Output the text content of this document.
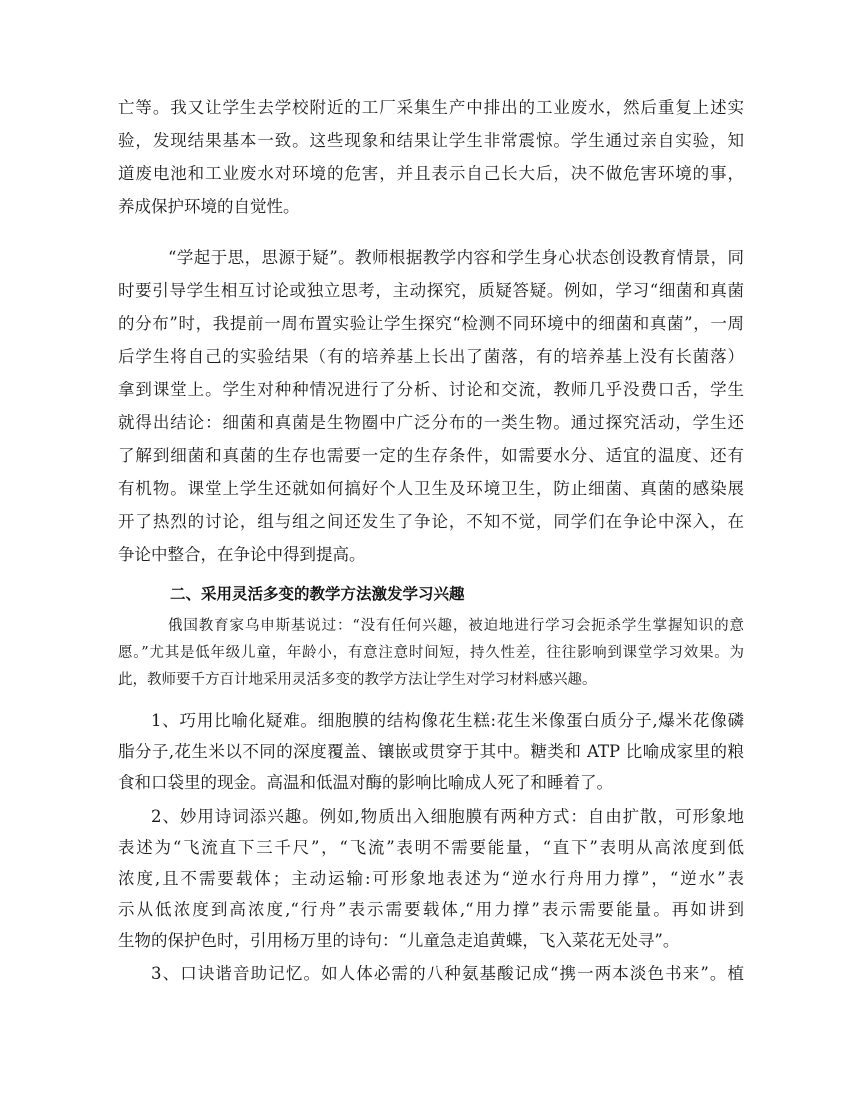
亡等。我又让学生去学校附近的工厂采集生产中排出的工业废水，然后重复上述实
验，发现结果基本一致。这些现象和结果让学生非常震惊。学生通过亲自实验，知
道废电池和工业废水对环境的危害，并且表示自己长大后，决不做危害环境的事，
养成保护环境的自觉性。
“学起于思，思源于疑”。教师根据教学内容和学生身心状态创设教育情景，同
时要引导学生相互讨论或独立思考，主动探究，质疑答疑。例如，学习“细菌和真菌
的分布”时，我提前一周布置实验让学生探究“检测不同环境中的细菌和真菌”，一周
后学生将自己的实验结果（有的培养基上长出了菌落，有的培养基上没有长菌落）
拿到课堂上。学生对种种情况进行了分析、讨论和交流，教师几乎没费口舌，学生
就得出结论：细菌和真菌是生物圈中广泛分布的一类生物。通过探究活动，学生还
了解到细菌和真菌的生存也需要一定的生存条件，如需要水分、适宜的温度、还有
有机物。课堂上学生还就如何搞好个人卫生及环境卫生，防止细菌、真菌的感染展
开了热烈的讨论，组与组之间还发生了争论，不知不觉，同学们在争论中深入，在
争论中整合，在争论中得到提高。
二、采用灵活多变的教学方法激发学习兴趣
俄国教育家乌申斯基说过：“没有任何兴趣，被迫地进行学习会扼杀学生掌握知识的意
愿。”尤其是低年级儿童，年龄小，有意注意时间短，持久性差，往往影响到课堂学习效果。为
此，教师要千方百计地采用灵活多变的教学方法让学生对学习材料感兴趣。
1、巧用比喻化疑难。细胞膜的结构像花生糕:花生米像蛋白质分子,爆米花像磷
脂分子,花生米以不同的深度覆盖、镶嵌或贯穿于其中。糖类和 ATP 比喻成家里的粮
食和口袋里的现金。高温和低温对酶的影响比喻成人死了和睡着了。
2、妙用诗词添兴趣。例如,物质出入细胞膜有两种方式：自由扩散，可形象地
表述为“飞流直下三千尺”，“飞流”表明不需要能量，“直下”表明从高浓度到低
浓度,且不需要载体；主动运输:可形象地表述为“逆水行舟用力撑”，“逆水”表
示从低浓度到高浓度,“行舟”表示需要载体,“用力撑”表示需要能量。再如讲到
生物的保护色时，引用杨万里的诗句：“儿童急走追黄蝶，飞入菜花无处寻”。
3、口诀谐音助记忆。如人体必需的八种氨基酸记成“携一两本淡色书来”。植
